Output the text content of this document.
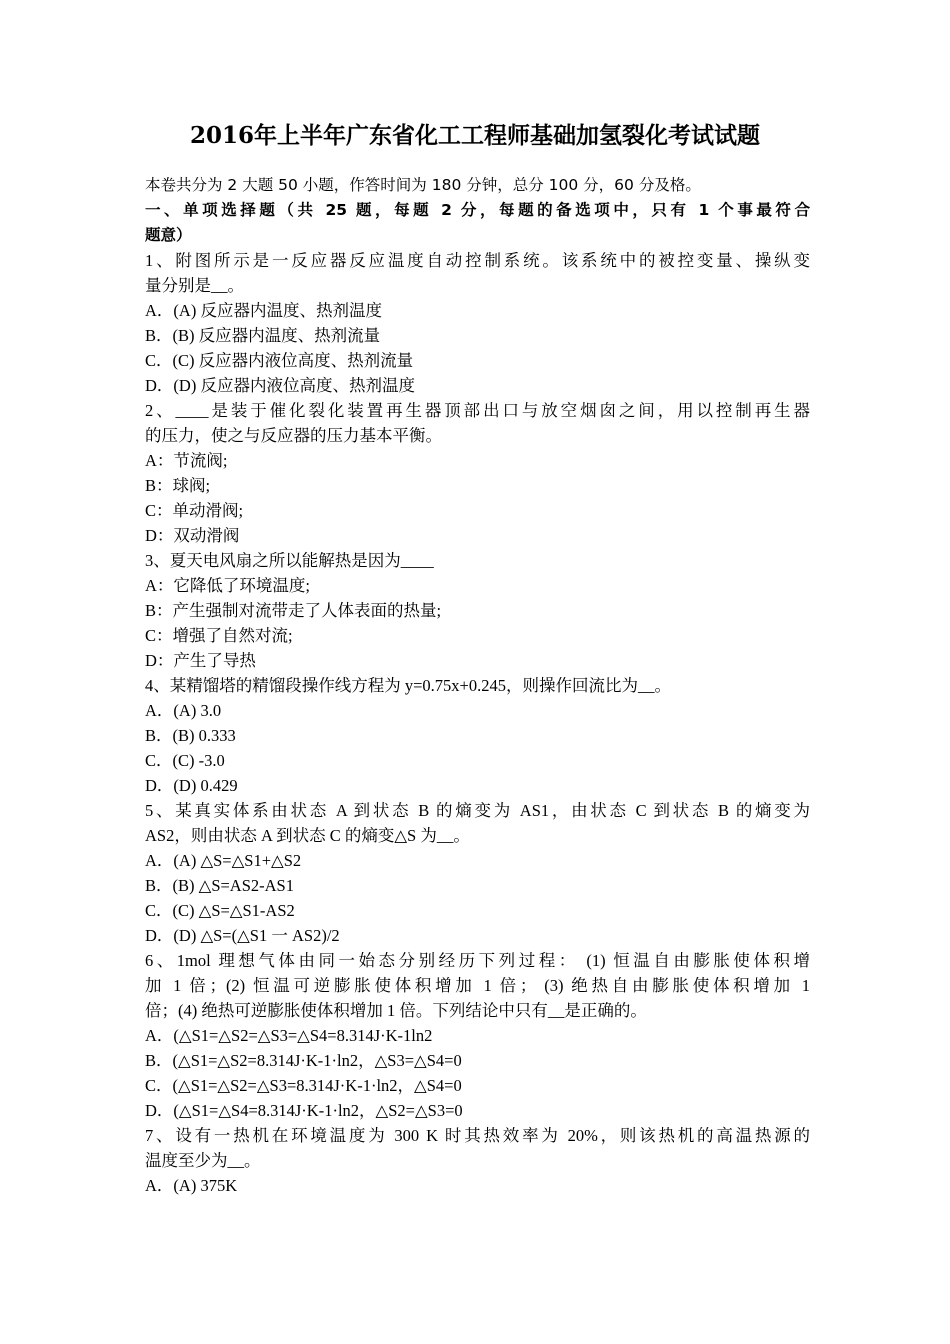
2016年上半年广东省化工工程师基础加氢裂化考试试题
本卷共分为 2 大题 50 小题，作答时间为 180 分钟，总分 100 分，60 分及格。
一、单项选择题（共 25 题，每题 2 分，每题的备选项中，只有 1 个事最符合
题意）
1、附图所示是一反应器反应温度自动控制系统。该系统中的被控变量、操纵变
量分别是__。
A．(A) 反应器内温度、热剂温度
B．(B) 反应器内温度、热剂流量
C．(C) 反应器内液位高度、热剂流量
D．(D) 反应器内液位高度、热剂温度
2、____是装于催化裂化装置再生器顶部出口与放空烟囱之间，用以控制再生器
的压力，使之与反应器的压力基本平衡。
A：节流阀;
B：球阀;
C：单动滑阀;
D：双动滑阀
3、夏天电风扇之所以能解热是因为____
A：它降低了环境温度;
B：产生强制对流带走了人体表面的热量;
C：增强了自然对流;
D：产生了导热
4、某精馏塔的精馏段操作线方程为 y=0.75x+0.245，则操作回流比为__。
A．(A) 3.0
B．(B) 0.333
C．(C) -3.0
D．(D) 0.429
5、某真实体系由状态 A 到状态 B 的熵变为 AS1，由状态 C 到状态 B 的熵变为
AS2，则由状态 A 到状态 C 的熵变△S 为__。
A．(A) △S=△S1+△S2
B．(B) △S=AS2-AS1
C．(C) △S=△S1-AS2
D．(D) △S=(△S1 一 AS2)/2
6、1mol 理想气体由同一始态分别经历下列过程： (1) 恒温自由膨胀使体积增
加 1 倍；(2) 恒温可逆膨胀使体积增加 1 倍； (3) 绝热自由膨胀使体积增加 1
倍；(4) 绝热可逆膨胀使体积增加 1 倍。下列结论中只有__是正确的。
A．(△S1=△S2=△S3=△S4=8.314J·K-1ln2
B．(△S1=△S2=8.314J·K-1·ln2，△S3=△S4=0
C．(△S1=△S2=△S3=8.314J·K-1·ln2，△S4=0
D．(△S1=△S4=8.314J·K-1·ln2，△S2=△S3=0
7、设有一热机在环境温度为 300 K 时其热效率为 20%，则该热机的高温热源的
温度至少为__。
A．(A) 375K
